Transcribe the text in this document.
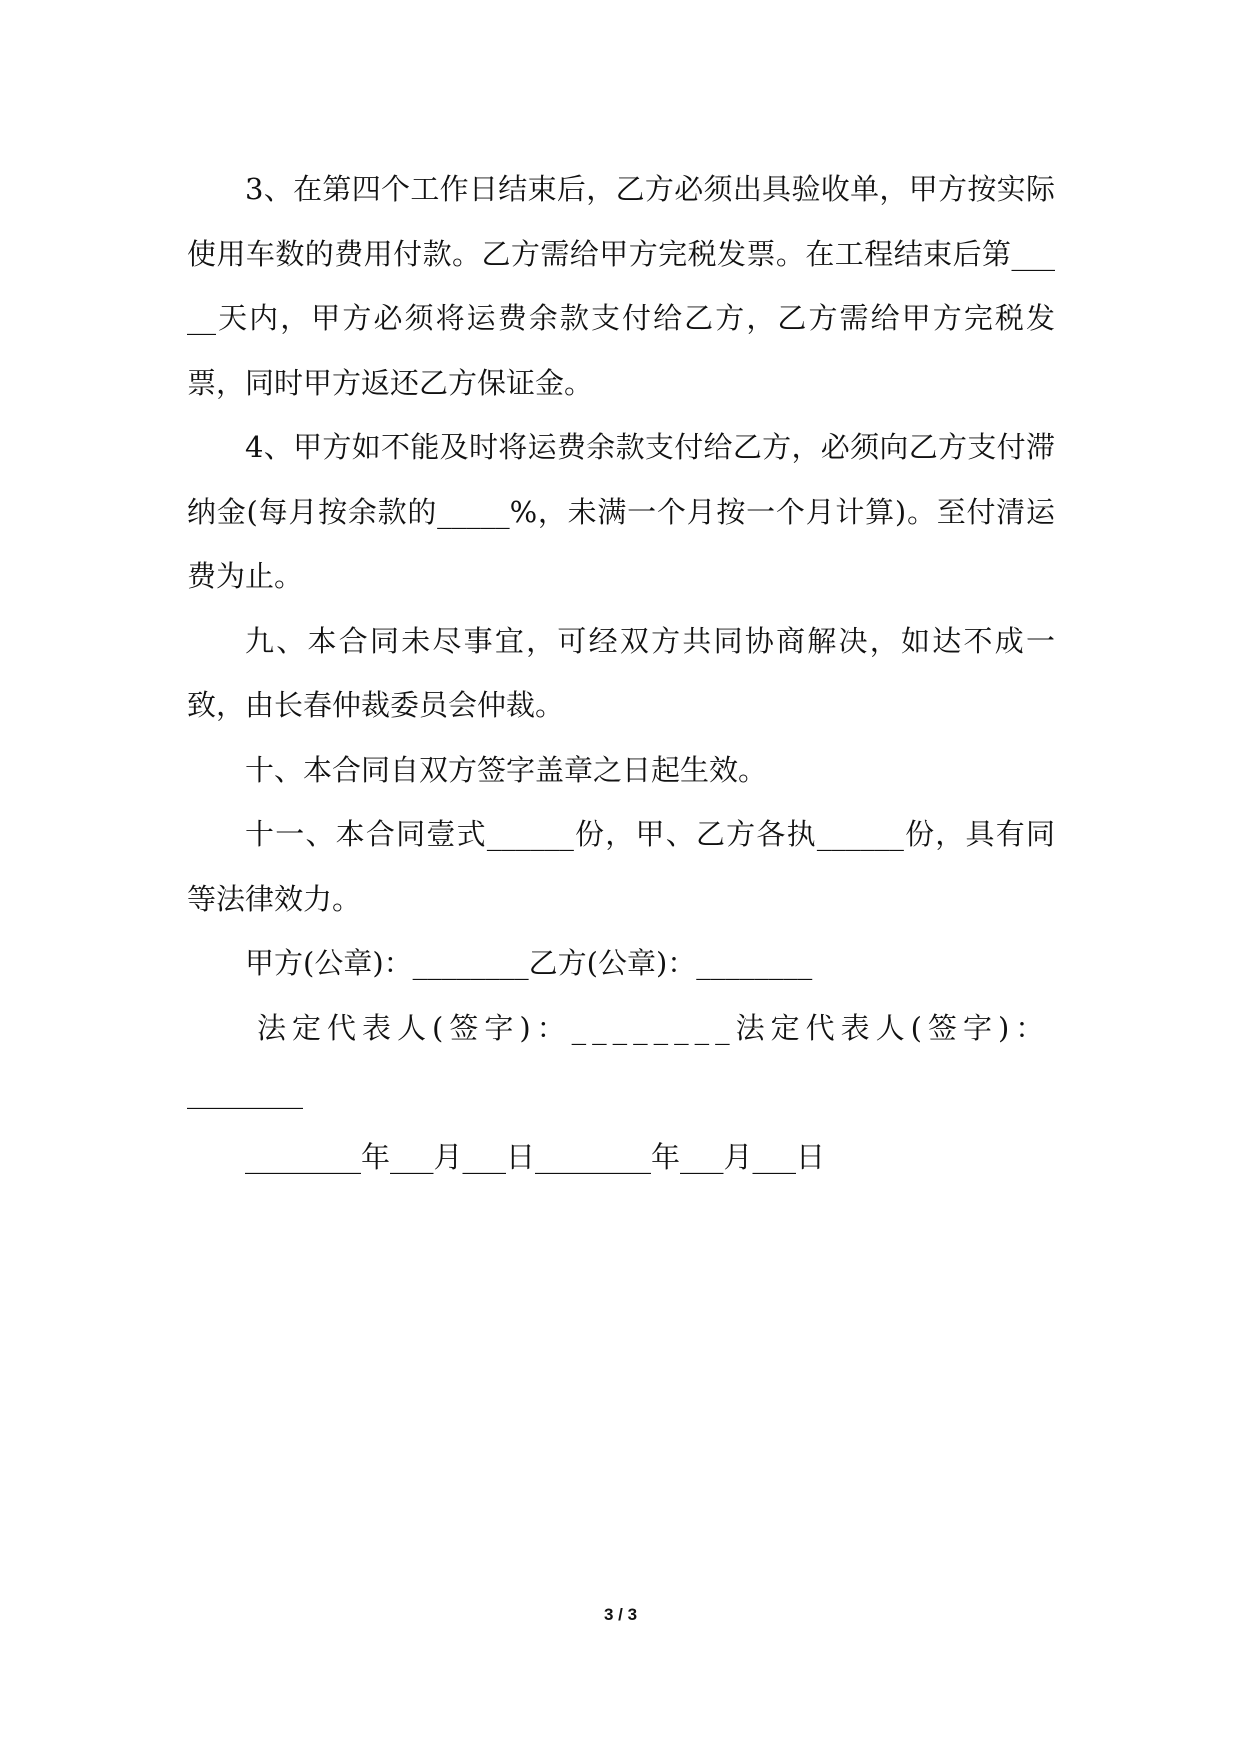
3、在第四个工作日结束后，乙方必须出具验收单，甲方按实际使用车数的费用付款。乙方需给甲方完税发票。在工程结束后第_____天内，甲方必须将运费余款支付给乙方，乙方需给甲方完税发票，同时甲方返还乙方保证金。

4、甲方如不能及时将运费余款支付给乙方，必须向乙方支付滞纳金(每月按余款的_____%，未满一个月按一个月计算)。至付清运费为止。

九、本合同未尽事宜，可经双方共同协商解决，如达不成一致，由长春仲裁委员会仲裁。

十、本合同自双方签字盖章之日起生效。

十一、本合同壹式______份，甲、乙方各执______份，具有同等法律效力。

甲方(公章)：________乙方(公章)：________

法定代表人(签字)：________法定代表人(签字)：

________

________年___月___日________年___月___日

3 / 3
